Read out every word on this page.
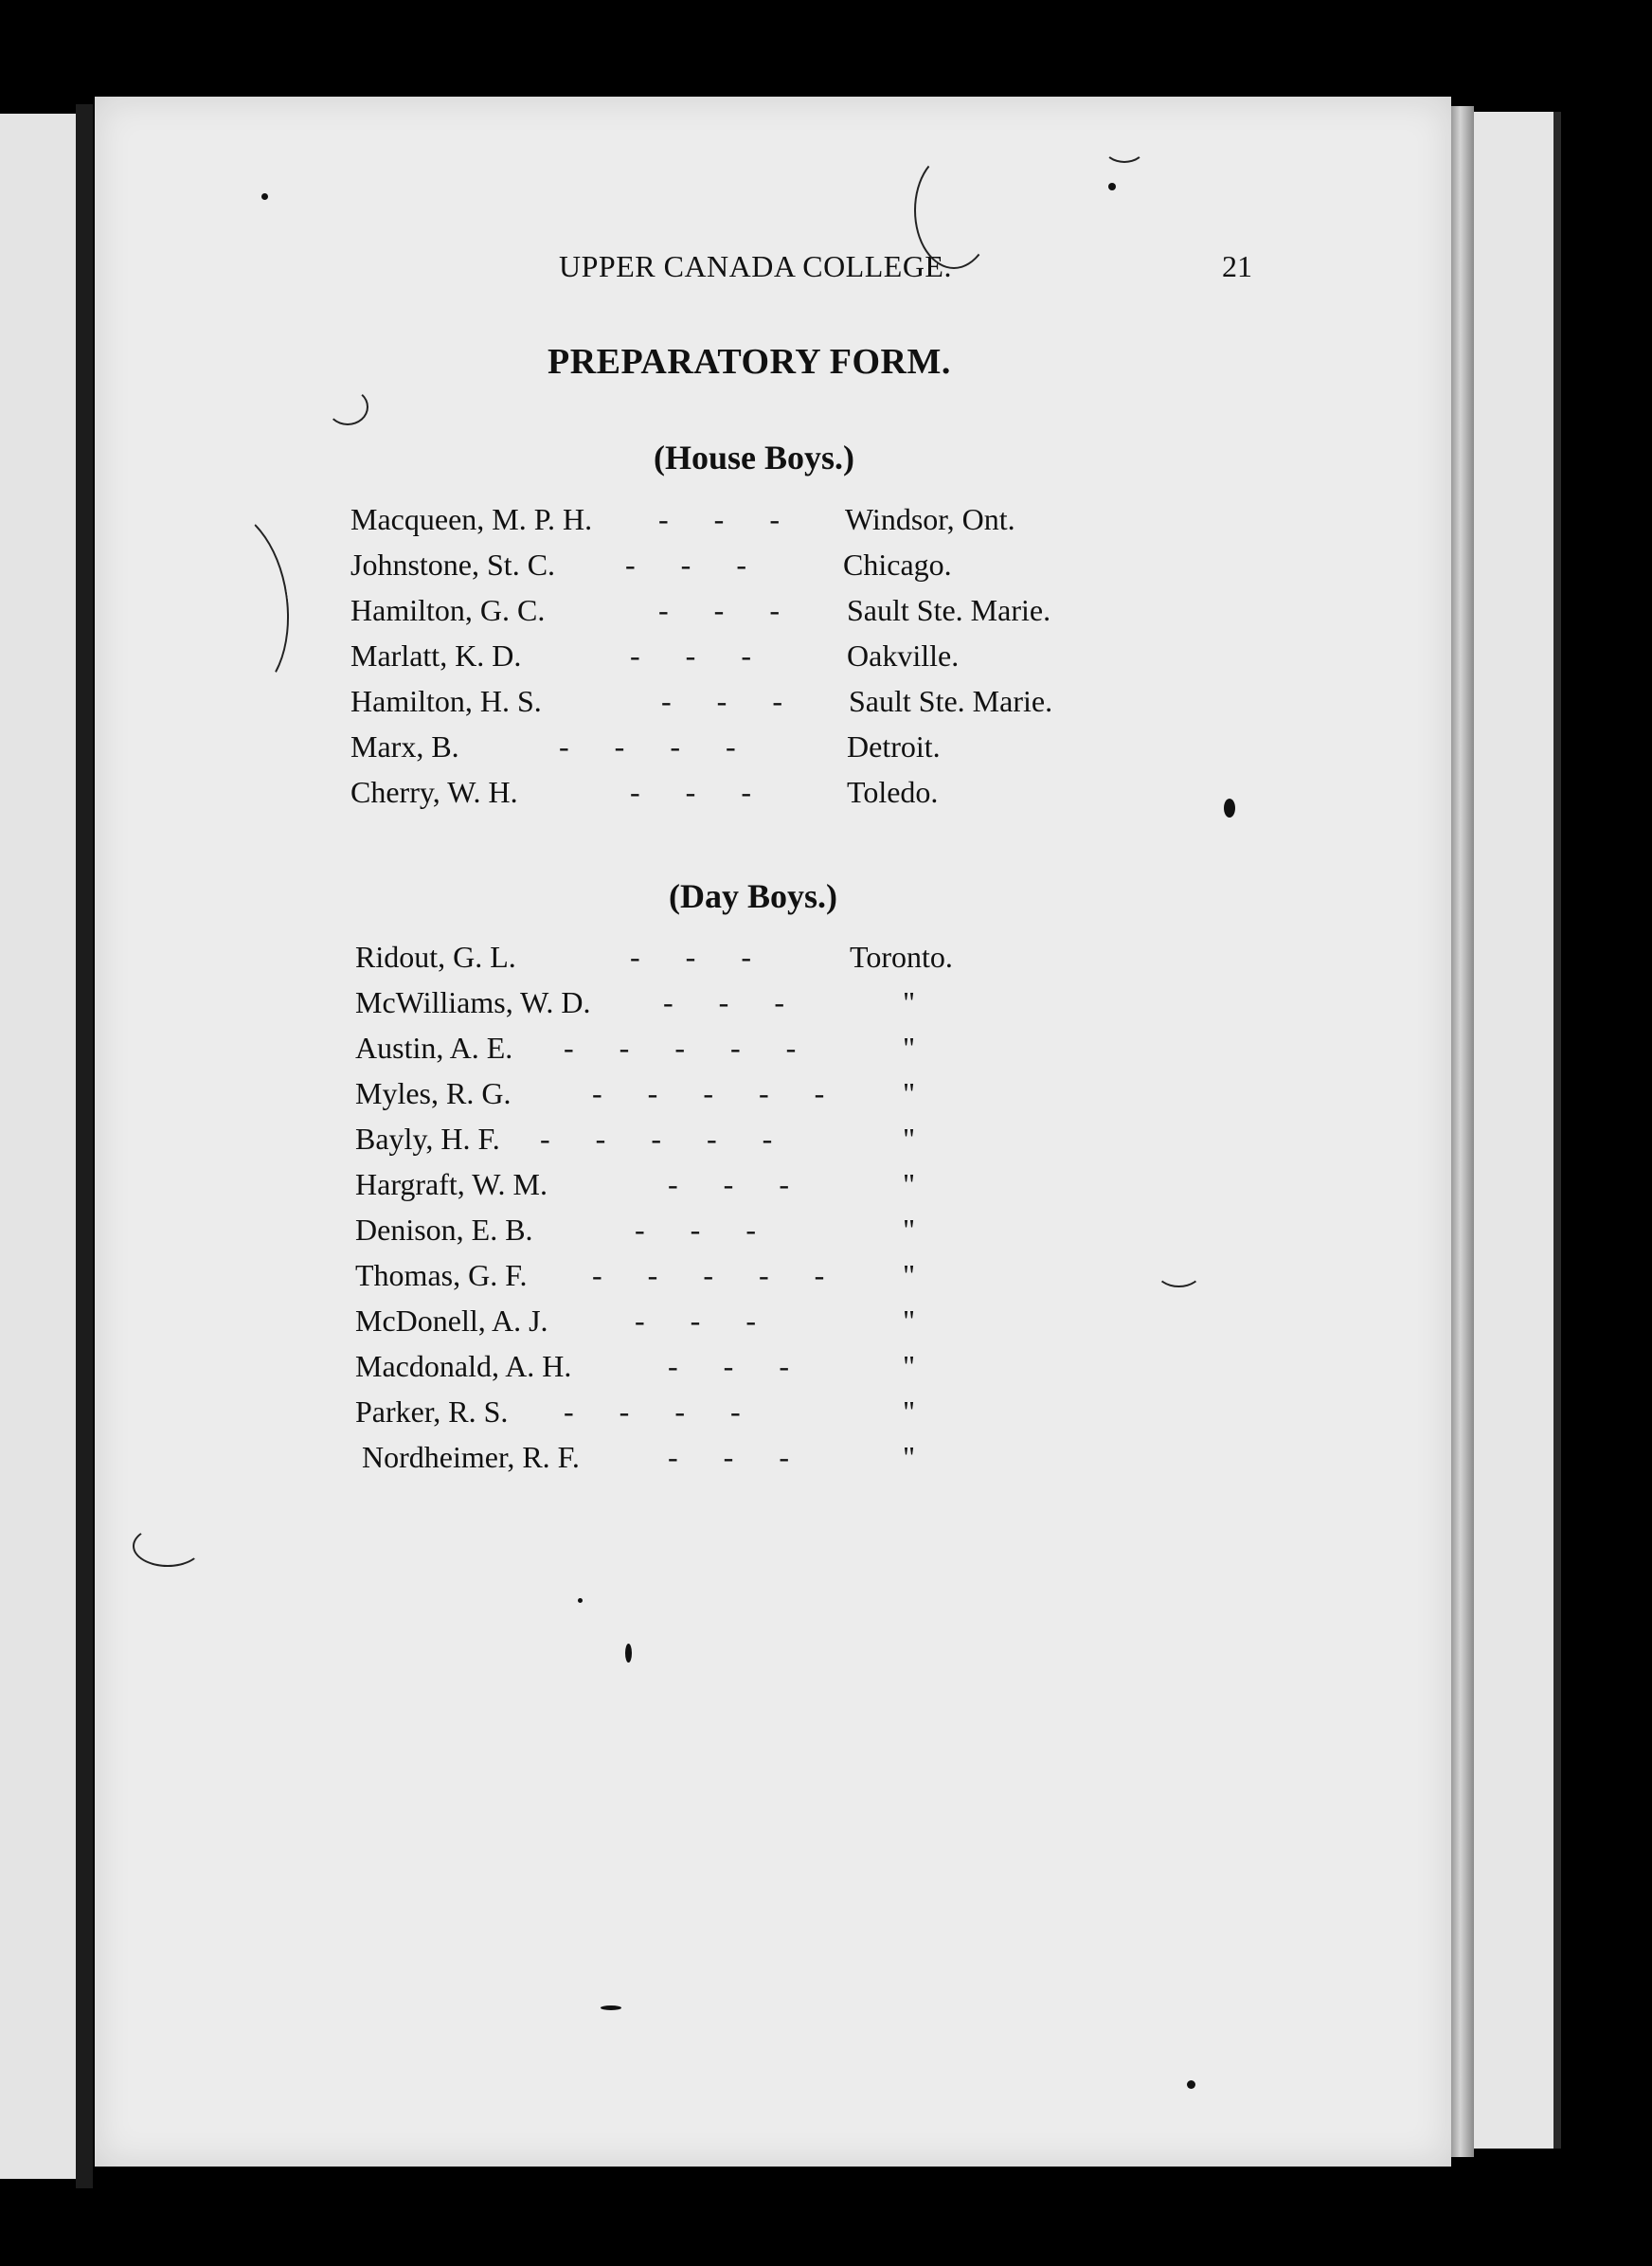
UPPER CANADA COLLEGE.	21
PREPARATORY FORM.
(House Boys.)
Macqueen, M. P. H. -      -      - Windsor, Ont.
Johnstone, St. C. -      -      -	Chicago.
Hamilton, G. C.	-      -      - Sault Ste. Marie.
Marlatt, K. D.	-      -      -	Oakville.
Hamilton, H. S.	-      -      - Sault Ste. Marie.
Marx, B.	-      -      -      -	Detroit.
Cherry, W. H.	-      -      -	Toledo.
(Day Boys.)
Ridout, G. L.	-      -      -	Toronto.
McWilliams, W. D. -      -      -	"
Austin, A. E. -      -      -      -      -	"
Myles, R. G.	-      -      -      -      -	"
Bayly, H. F. -      -      -      -      -	"
Hargraft, W. M.	-      -      -	"
Denison, E. B.	-      -      -	"
Thomas, G. F. -      -      -      -      -	"
McDonell, A. J.	-      -      -	"
Macdonald, A. H.	-      -      -	"
Parker, R. S. -      -      -      -	"
Nordheimer, R. F.	-      -      -	"
